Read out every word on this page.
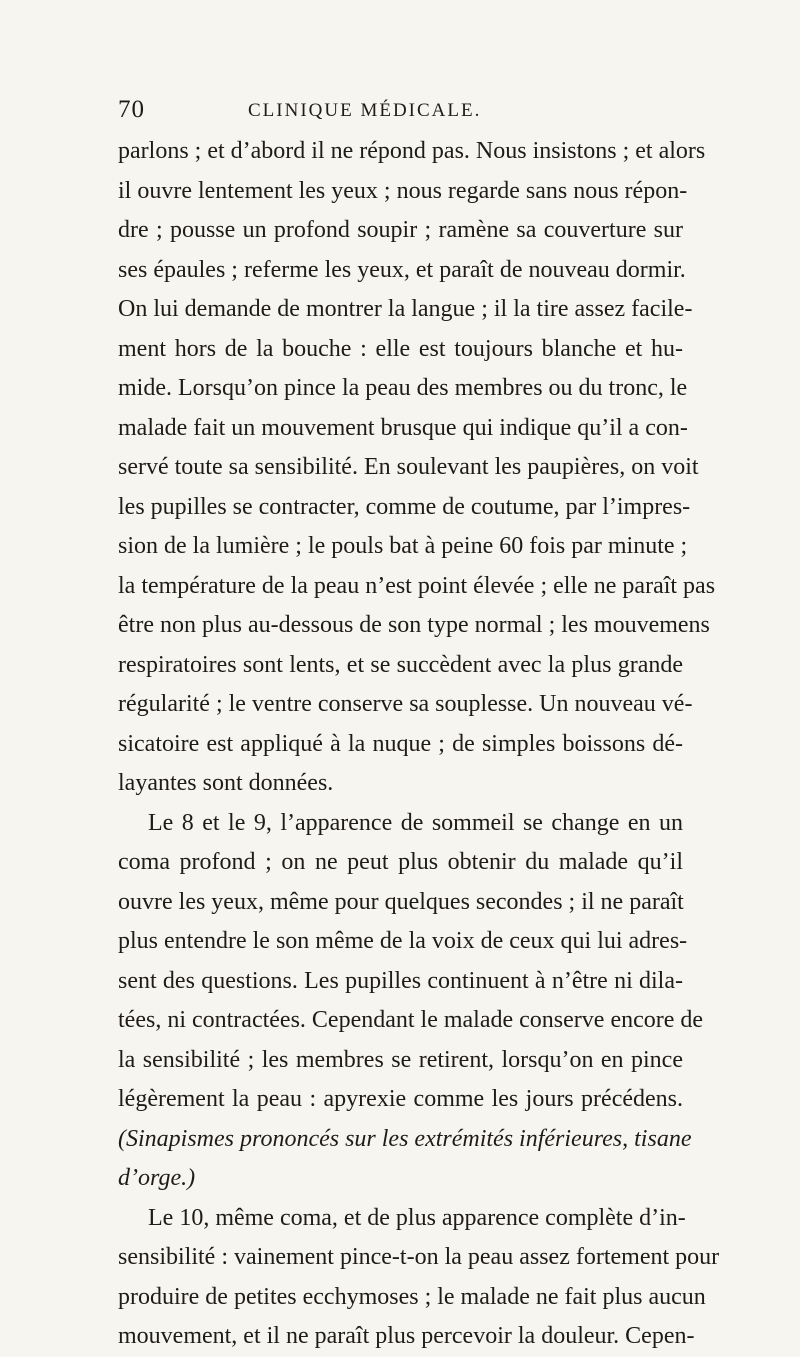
70	CLINIQUE MÉDICALE.
parlons ; et d’abord il ne répond pas. Nous insistons ; et alors
il ouvre lentement les yeux ; nous regarde sans nous répon-
dre ; pousse un profond soupir ; ramène sa couverture sur
ses épaules ; referme les yeux, et paraît de nouveau dormir.
On lui demande de montrer la langue ; il la tire assez facile-
ment hors de la bouche : elle est toujours blanche et hu-
mide. Lorsqu’on pince la peau des membres ou du tronc, le
malade fait un mouvement brusque qui indique qu’il a con-
servé toute sa sensibilité. En soulevant les paupières, on voit
les pupilles se contracter, comme de coutume, par l’impres-
sion de la lumière ; le pouls bat à peine 60 fois par minute ;
la température de la peau n’est point élevée ; elle ne paraît pas
être non plus au-dessous de son type normal ; les mouvemens
respiratoires sont lents, et se succèdent avec la plus grande
régularité ; le ventre conserve sa souplesse. Un nouveau vé-
sicatoire est appliqué à la nuque ; de simples boissons dé-
layantes sont données.
Le 8 et le 9, l’apparence de sommeil se change en un
coma profond ; on ne peut plus obtenir du malade qu’il
ouvre les yeux, même pour quelques secondes ; il ne paraît
plus entendre le son même de la voix de ceux qui lui adres-
sent des questions. Les pupilles continuent à n’être ni dila-
tées, ni contractées. Cependant le malade conserve encore de
la sensibilité ; les membres se retirent, lorsqu’on en pince
légèrement la peau : apyrexie comme les jours précédens.
(Sinapismes prononcés sur les extrémités inférieures, tisane
d’orge.)
Le 10, même coma, et de plus apparence complète d’in-
sensibilité : vainement pince-t-on la peau assez fortement pour
produire de petites ecchymoses ; le malade ne fait plus aucun
mouvement, et il ne paraît plus percevoir la douleur. Cepen-
